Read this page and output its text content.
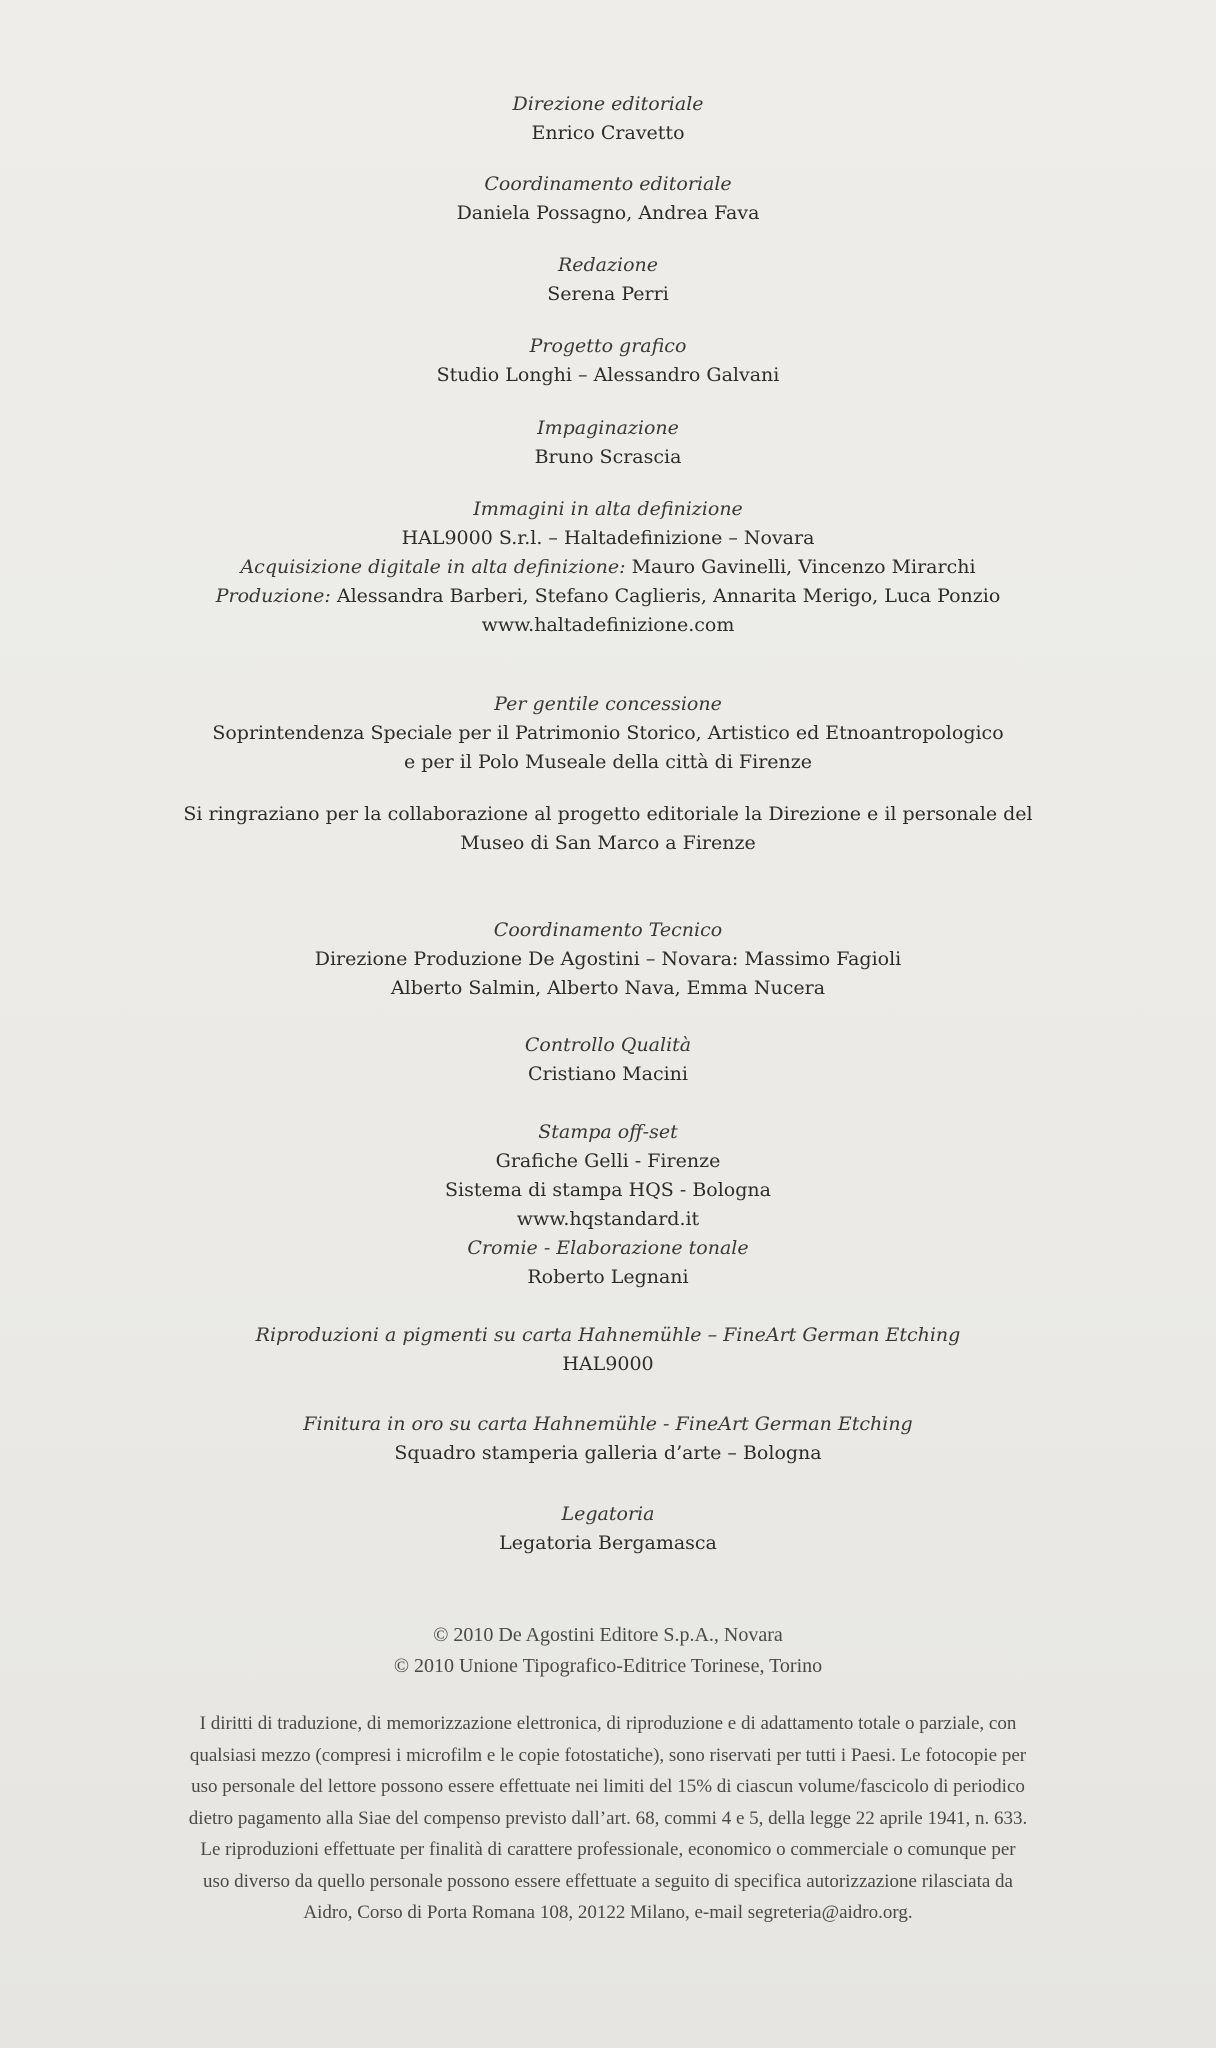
Direzione editoriale
Enrico Cravetto
Coordinamento editoriale
Daniela Possagno, Andrea Fava
Redazione
Serena Perri
Progetto grafico
Studio Longhi – Alessandro Galvani
Impaginazione
Bruno Scrascia
Immagini in alta definizione
HAL9000 S.r.l. – Haltadefinizione – Novara
Acquisizione digitale in alta definizione: Mauro Gavinelli, Vincenzo Mirarchi
Produzione: Alessandra Barberi, Stefano Caglieris, Annarita Merigo, Luca Ponzio
www.haltadefinizione.com
Per gentile concessione
Soprintendenza Speciale per il Patrimonio Storico, Artistico ed Etnoantropologico
e per il Polo Museale della città di Firenze
Si ringraziano per la collaborazione al progetto editoriale la Direzione e il personale del
Museo di San Marco a Firenze
Coordinamento Tecnico
Direzione Produzione De Agostini – Novara: Massimo Fagioli
Alberto Salmin, Alberto Nava, Emma Nucera
Controllo Qualità
Cristiano Macini
Stampa off-set
Grafiche Gelli - Firenze
Sistema di stampa HQS - Bologna
www.hqstandard.it
Cromie - Elaborazione tonale
Roberto Legnani
Riproduzioni a pigmenti su carta Hahnemühle – FineArt German Etching
HAL9000
Finitura in oro su carta Hahnemühle - FineArt German Etching
Squadro stamperia galleria d’arte – Bologna
Legatoria
Legatoria Bergamasca
© 2010 De Agostini Editore S.p.A., Novara
© 2010 Unione Tipografico-Editrice Torinese, Torino
I diritti di traduzione, di memorizzazione elettronica, di riproduzione e di adattamento totale o parziale, con
qualsiasi mezzo (compresi i microfilm e le copie fotostatiche), sono riservati per tutti i Paesi. Le fotocopie per
uso personale del lettore possono essere effettuate nei limiti del 15% di ciascun volume/fascicolo di periodico
dietro pagamento alla Siae del compenso previsto dall’art. 68, commi 4 e 5, della legge 22 aprile 1941, n. 633.
Le riproduzioni effettuate per finalità di carattere professionale, economico o commerciale o comunque per
uso diverso da quello personale possono essere effettuate a seguito di specifica autorizzazione rilasciata da
Aidro, Corso di Porta Romana 108, 20122 Milano, e-mail segreteria@aidro.org.
